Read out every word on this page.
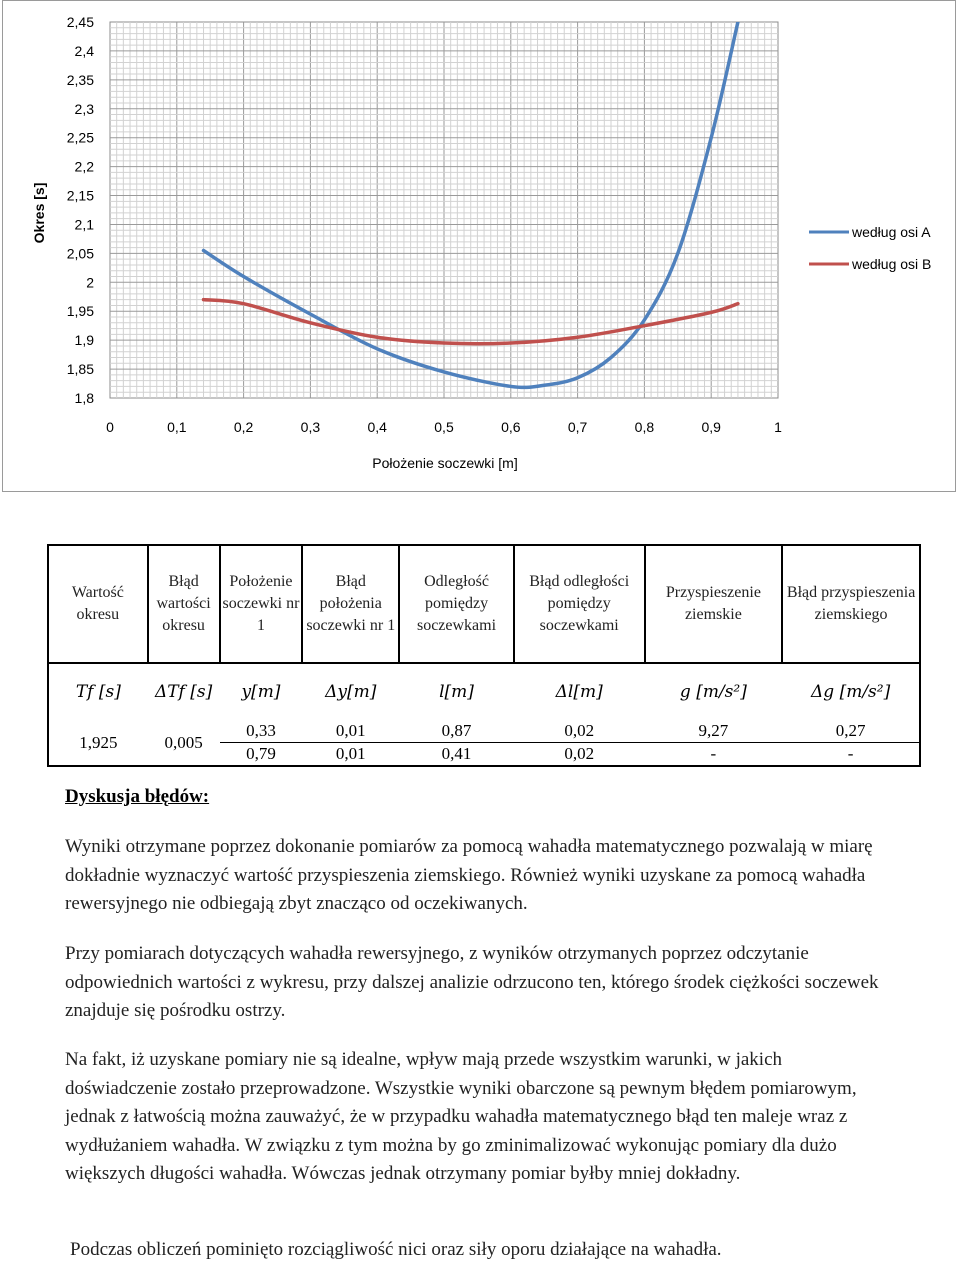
1,8
1,85
1,9
1,95
2
2,05
2,1
2,15
2,2
2,25
2,3
2,35
2,4
2,45
0	0,1	0,2	0,3	0,4	0,5	0,6	0,7	0,8	0,9	1
Położenie soczewki [m]
Okres [s]	według osi A
według osi B
Wartość okresu	Błąd wartości okresu	Położenie soczewki nr 1	Błąd położenia soczewki nr 1	Odległość pomiędzy soczewkami	Błąd odległości pomiędzy soczewkami	Przyspieszenie ziemskie	Błąd przyspieszenia ziemskiego
Tf [s]	ΔTf [s]	y[m]	Δy[m]	l[m]	Δl[m]	g [m/s²]	Δg [m/s²]
1,925	0,005	0,33	0,01	0,87	0,02	9,27	0,27
		0,79	0,01	0,41	0,02	-	-
Dyskusja błędów:

Wyniki otrzymane poprzez dokonanie pomiarów za pomocą wahadła matematycznego pozwalają w miarę dokładnie wyznaczyć wartość przyspieszenia ziemskiego. Również wyniki uzyskane za pomocą wahadła rewersyjnego nie odbiegają zbyt znacząco od oczekiwanych.

Przy pomiarach dotyczących wahadła rewersyjnego, z wyników otrzymanych poprzez odczytanie odpowiednich wartości z wykresu, przy dalszej analizie odrzucono ten, którego środek ciężkości soczewek znajduje się pośrodku ostrzy.

Na fakt, iż uzyskane pomiary nie są idealne, wpływ mają przede wszystkim warunki, w jakich doświadczenie zostało przeprowadzone. Wszystkie wyniki obarczone są pewnym błędem pomiarowym, jednak z łatwością można zauważyć, że w przypadku wahadła matematycznego błąd ten maleje wraz z wydłużaniem wahadła. W związku z tym można by go zminimalizować wykonując pomiary dla dużo większych długości wahadła. Wówczas jednak otrzymany pomiar byłby mniej dokładny.

Podczas obliczeń pominięto rozciągliwość nici oraz siły oporu działające na wahadła.
